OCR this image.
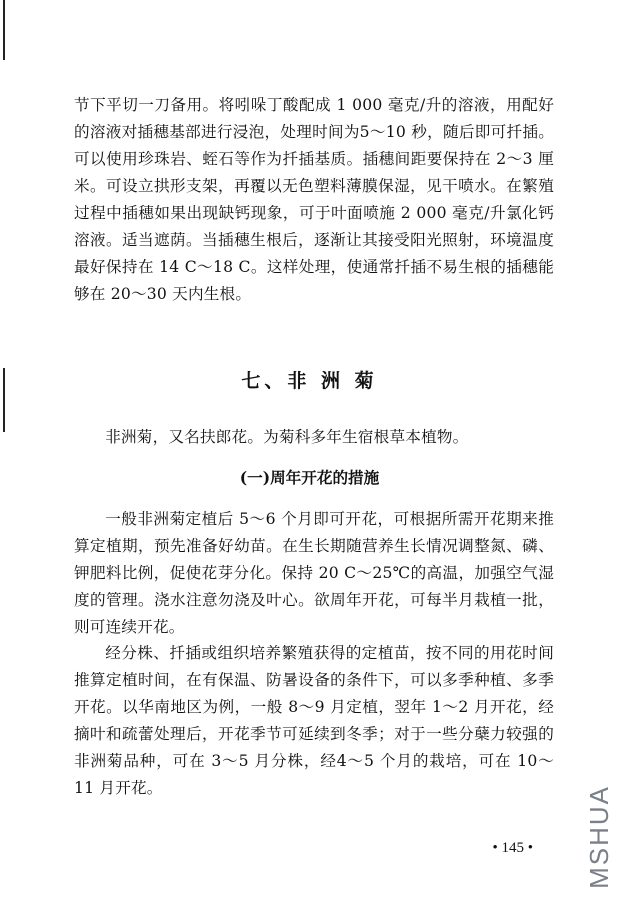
节下平切一刀备用。将吲哚丁酸配成 1 000 毫克/升的溶液，用配好的溶液对插穗基部进行浸泡，处理时间为5～10 秒，随后即可扦插。可以使用珍珠岩、蛭石等作为扦插基质。插穗间距要保持在 2～3 厘米。可设立拱形支架，再覆以无色塑料薄膜保湿，见干喷水。在繁殖过程中插穗如果出现缺钙现象，可于叶面喷施 2 000 毫克/升氯化钙溶液。适当遮荫。当插穗生根后，逐渐让其接受阳光照射，环境温度最好保持在 14 C～18 C。这样处理，使通常扦插不易生根的插穗能够在 20～30 天内生根。

七、非 洲 菊

非洲菊，又名扶郎花。为菊科多年生宿根草本植物。

(一)周年开花的措施

一般非洲菊定植后 5～6 个月即可开花，可根据所需开花期来推算定植期，预先准备好幼苗。在生长期随营养生长情况调整氮、磷、钾肥料比例，促使花芽分化。保持 20 C～25℃的高温，加强空气湿度的管理。浇水注意勿浇及叶心。欲周年开花，可每半月栽植一批，则可连续开花。

经分株、扦插或组织培养繁殖获得的定植苗，按不同的用花时间推算定植时间，在有保温、防暑设备的条件下，可以多季种植、多季开花。以华南地区为例，一般 8～9 月定植，翌年 1～2 月开花，经摘叶和疏蕾处理后，开花季节可延续到冬季；对于一些分蘖力较强的非洲菊品种，可在 3～5 月分株，经4～5 个月的栽培，可在 10～11 月开花。

• 145 • MSHUA
